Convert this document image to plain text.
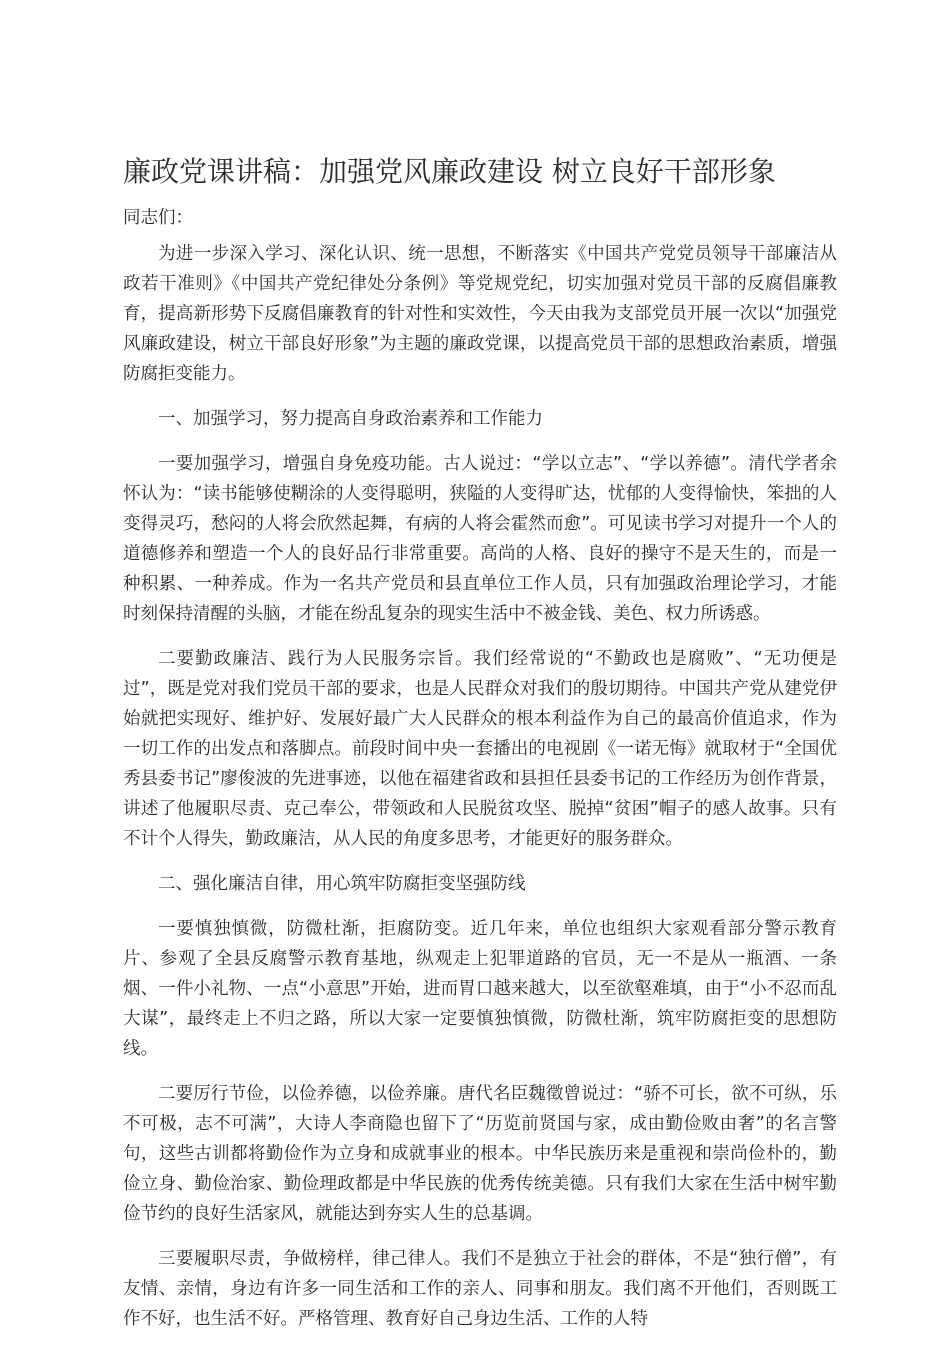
廉政党课讲稿：加强党风廉政建设 树立良好干部形象

同志们：

为进一步深入学习、深化认识、统一思想，不断落实《中国共产党党员领导干部廉洁从政若干准则》《中国共产党纪律处分条例》等党规党纪，切实加强对党员干部的反腐倡廉教育，提高新形势下反腐倡廉教育的针对性和实效性，今天由我为支部党员开展一次以“加强党风廉政建设，树立干部良好形象”为主题的廉政党课，以提高党员干部的思想政治素质，增强防腐拒变能力。

一、加强学习，努力提高自身政治素养和工作能力

一要加强学习，增强自身免疫功能。古人说过：“学以立志”、“学以养德”。清代学者余怀认为：“读书能够使糊涂的人变得聪明，狭隘的人变得旷达，忧郁的人变得愉快，笨拙的人变得灵巧，愁闷的人将会欣然起舞，有病的人将会霍然而愈”。可见读书学习对提升一个人的道德修养和塑造一个人的良好品行非常重要。高尚的人格、良好的操守不是天生的，而是一种积累、一种养成。作为一名共产党员和县直单位工作人员，只有加强政治理论学习，才能时刻保持清醒的头脑，才能在纷乱复杂的现实生活中不被金钱、美色、权力所诱惑。

二要勤政廉洁、践行为人民服务宗旨。我们经常说的“不勤政也是腐败”、“无功便是过”，既是党对我们党员干部的要求，也是人民群众对我们的殷切期待。中国共产党从建党伊始就把实现好、维护好、发展好最广大人民群众的根本利益作为自己的最高价值追求，作为一切工作的出发点和落脚点。前段时间中央一套播出的电视剧《一诺无悔》就取材于“全国优秀县委书记”廖俊波的先进事迹，以他在福建省政和县担任县委书记的工作经历为创作背景，讲述了他履职尽责、克己奉公，带领政和人民脱贫攻坚、脱掉“贫困”帽子的感人故事。只有不计个人得失，勤政廉洁，从人民的角度多思考，才能更好的服务群众。

二、强化廉洁自律，用心筑牢防腐拒变坚强防线

一要慎独慎微，防微杜渐，拒腐防变。近几年来，单位也组织大家观看部分警示教育片、参观了全县反腐警示教育基地，纵观走上犯罪道路的官员，无一不是从一瓶酒、一条烟、一件小礼物、一点“小意思”开始，进而胃口越来越大，以至欲壑难填，由于“小不忍而乱大谋”，最终走上不归之路，所以大家一定要慎独慎微，防微杜渐，筑牢防腐拒变的思想防线。

二要厉行节俭，以俭养德，以俭养廉。唐代名臣魏徵曾说过：“骄不可长，欲不可纵，乐不可极，志不可满”，大诗人李商隐也留下了“历览前贤国与家，成由勤俭败由奢”的名言警句，这些古训都将勤俭作为立身和成就事业的根本。中华民族历来是重视和崇尚俭朴的，勤俭立身、勤俭治家、勤俭理政都是中华民族的优秀传统美德。只有我们大家在生活中树牢勤俭节约的良好生活家风，就能达到夯实人生的总基调。

三要履职尽责，争做榜样，律己律人。我们不是独立于社会的群体，不是“独行僧”，有友情、亲情，身边有许多一同生活和工作的亲人、同事和朋友。我们离不开他们，否则既工作不好，也生活不好。严格管理、教育好自己身边生活、工作的人特
